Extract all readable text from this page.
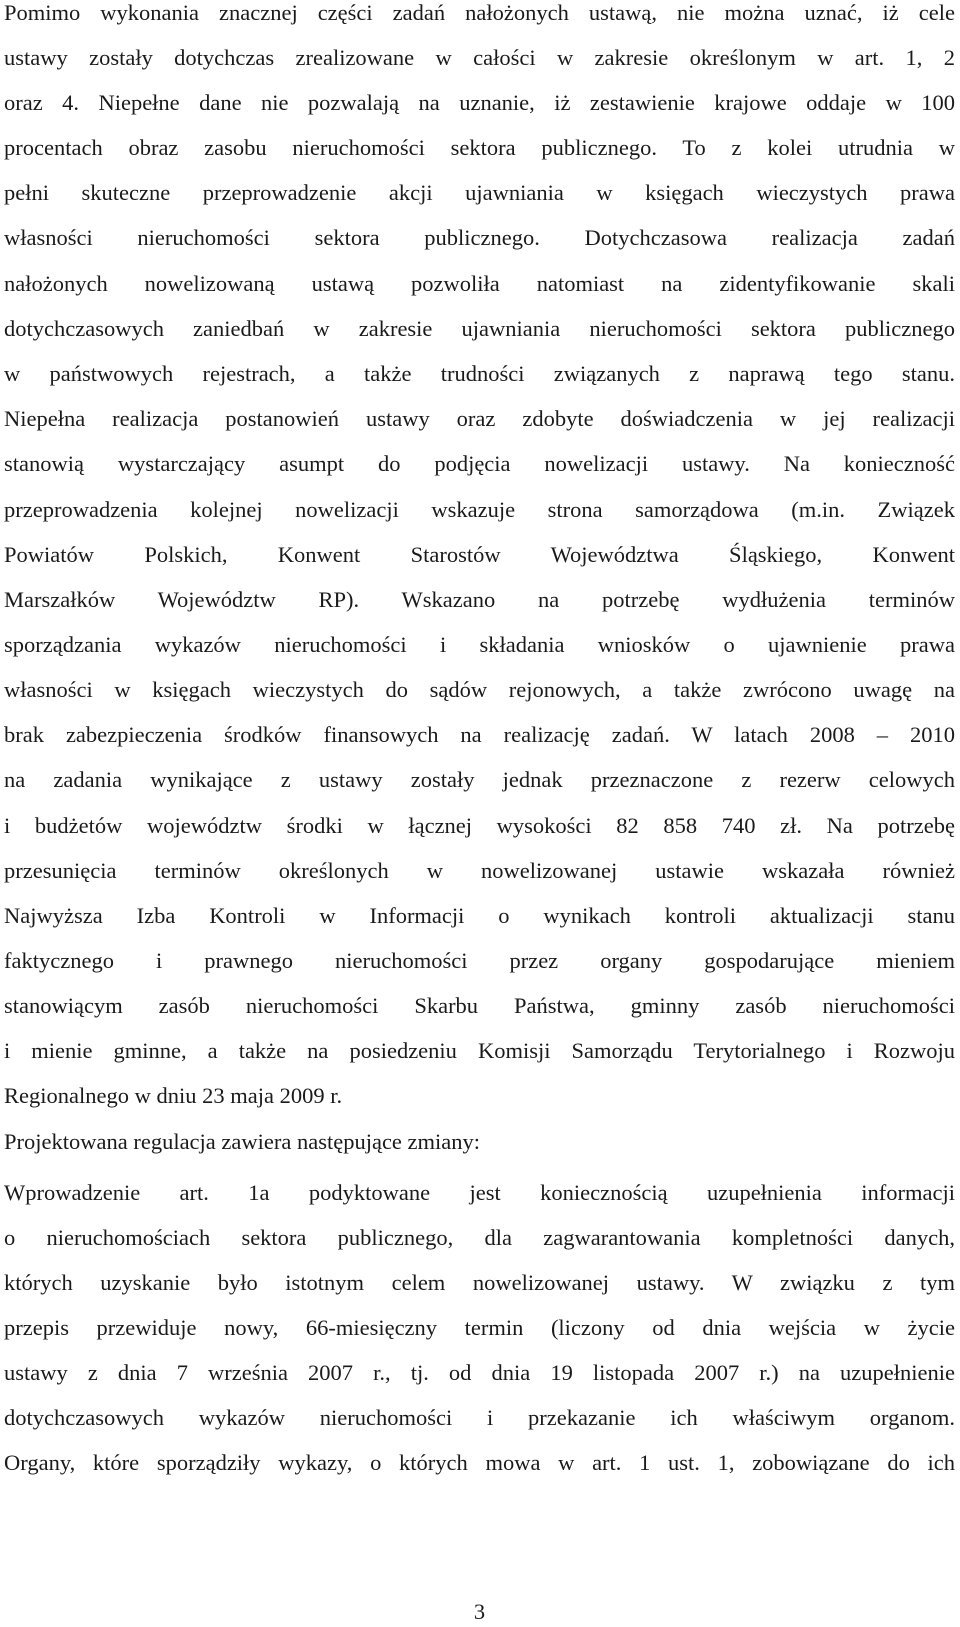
Pomimo wykonania znacznej części zadań nałożonych ustawą, nie można uznać, iż cele
ustawy zostały dotychczas zrealizowane w całości w zakresie określonym w art. 1, 2
oraz 4. Niepełne dane nie pozwalają na uznanie, iż zestawienie krajowe oddaje w 100
procentach obraz zasobu nieruchomości sektora publicznego. To z kolei utrudnia w
pełni skuteczne przeprowadzenie akcji ujawniania w księgach wieczystych prawa
własności nieruchomości sektora publicznego. Dotychczasowa realizacja zadań
nałożonych nowelizowaną ustawą pozwoliła natomiast na zidentyfikowanie skali
dotychczasowych zaniedbań w zakresie ujawniania nieruchomości sektora publicznego
w państwowych rejestrach, a także trudności związanych z naprawą tego stanu.
Niepełna realizacja postanowień ustawy oraz zdobyte doświadczenia w jej realizacji
stanowią wystarczający asumpt do podjęcia nowelizacji ustawy. Na konieczność
przeprowadzenia kolejnej nowelizacji wskazuje strona samorządowa (m.in. Związek
Powiatów Polskich, Konwent Starostów Województwa Śląskiego, Konwent
Marszałków Województw RP). Wskazano na potrzebę wydłużenia terminów
sporządzania wykazów nieruchomości i składania wniosków o ujawnienie prawa
własności w księgach wieczystych do sądów rejonowych, a także zwrócono uwagę na
brak zabezpieczenia środków finansowych na realizację zadań. W latach 2008 – 2010
na zadania wynikające z ustawy zostały jednak przeznaczone z rezerw celowych
i budżetów województw środki w łącznej wysokości 82 858 740 zł. Na potrzebę
przesunięcia terminów określonych w nowelizowanej ustawie wskazała również
Najwyższa Izba Kontroli w Informacji o wynikach kontroli aktualizacji stanu
faktycznego i prawnego nieruchomości przez organy gospodarujące mieniem
stanowiącym zasób nieruchomości Skarbu Państwa, gminny zasób nieruchomości
i mienie gminne, a także na posiedzeniu Komisji Samorządu Terytorialnego i Rozwoju
Regionalnego w dniu 23 maja 2009 r.
Projektowana regulacja zawiera następujące zmiany:
Wprowadzenie art. 1a podyktowane jest koniecznością uzupełnienia informacji
o nieruchomościach sektora publicznego, dla zagwarantowania kompletności danych,
których uzyskanie było istotnym celem nowelizowanej ustawy. W związku z tym
przepis przewiduje nowy, 66-miesięczny termin (liczony od dnia wejścia w życie
ustawy z dnia 7 września 2007 r., tj. od dnia 19 listopada 2007 r.) na uzupełnienie
dotychczasowych wykazów nieruchomości i przekazanie ich właściwym organom.
Organy, które sporządziły wykazy, o których mowa w art. 1 ust. 1, zobowiązane do ich
3
